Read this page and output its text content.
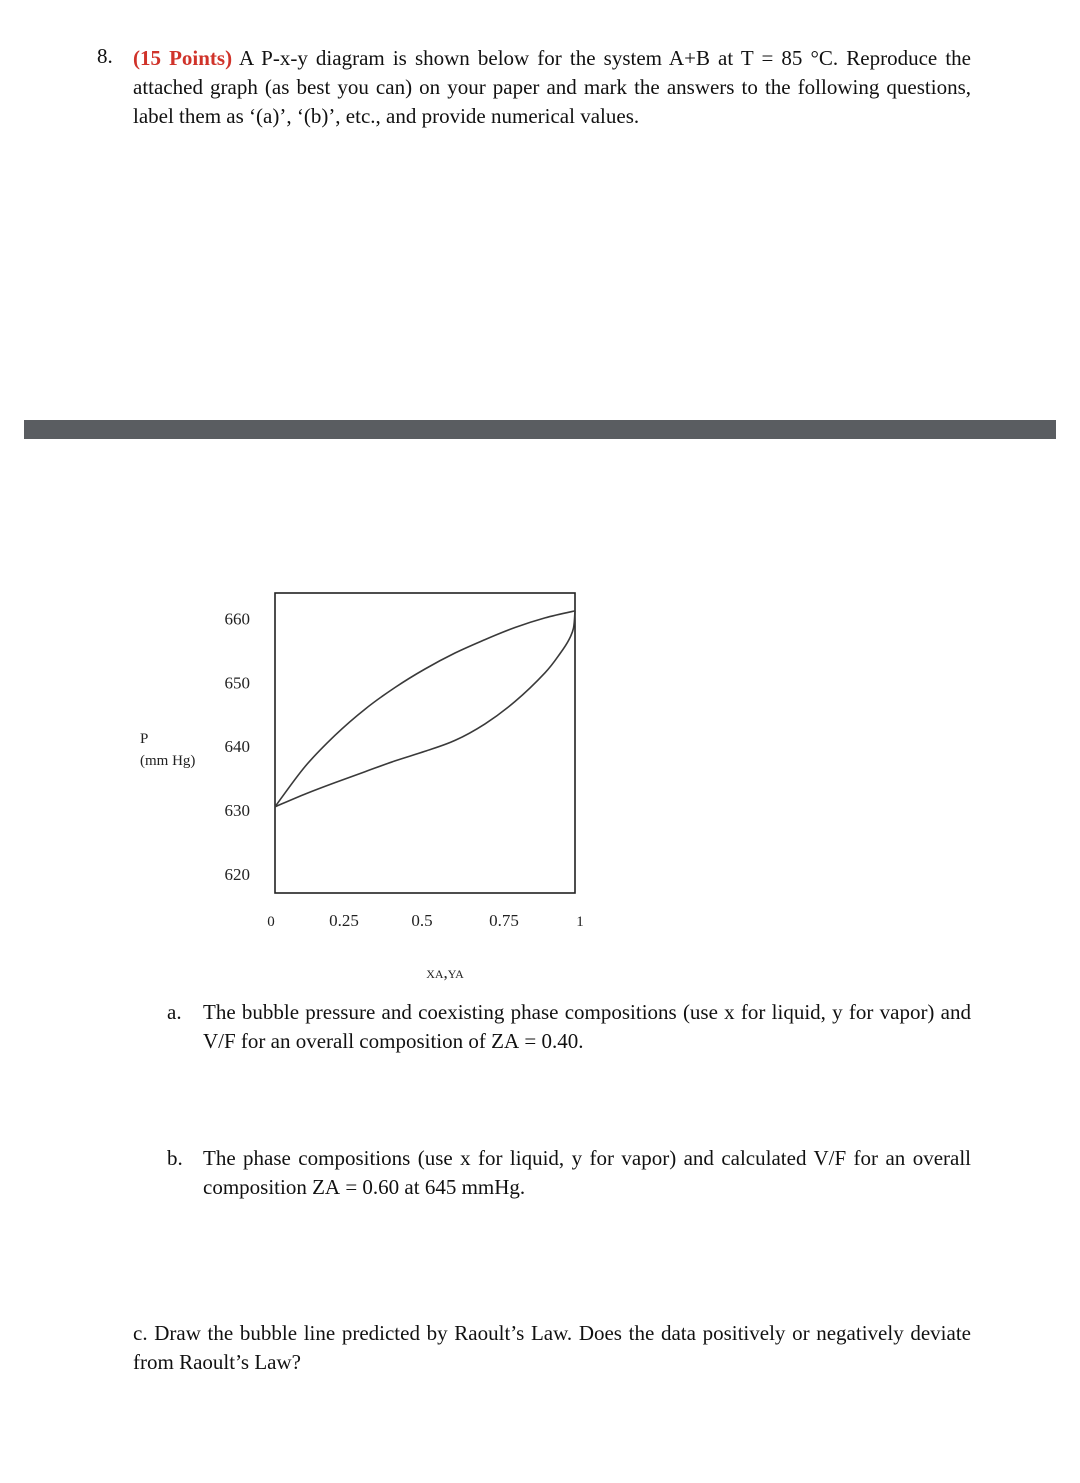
8. (15 Points) A P-x-y diagram is shown below for the system A+B at T = 85 °C. Reproduce the attached graph (as best you can) on your paper and mark the answers to the following questions, label them as ‘(a)’, ‘(b)’, etc., and provide numerical values.
P
(mm Hg)
660
650
640
630
620
0	0.25	0.5	0.75	1
xa,ya
a. The bubble pressure and coexisting phase compositions (use x for liquid, y for vapor) and V/F for an overall composition of ZA = 0.40.
b. The phase compositions (use x for liquid, y for vapor) and calculated V/F for an overall composition ZA = 0.60 at 645 mmHg.
c. Draw the bubble line predicted by Raoult’s Law. Does the data positively or negatively deviate from Raoult’s Law?
